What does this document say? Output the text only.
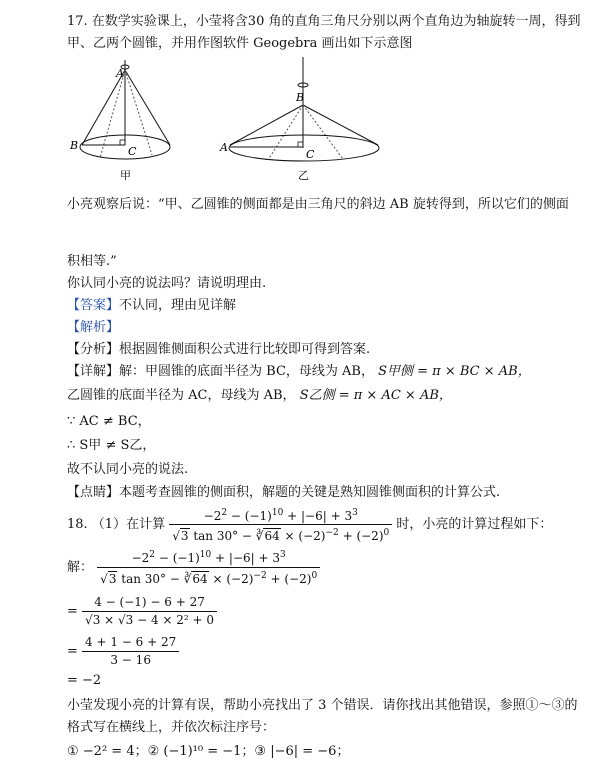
17. 在数学实验课上，小莹将含30 角的直角三角尺分别以两个直角边为轴旋转一周，得到
甲、乙两个圆锥，并用作图软件 Geogebra 画出如下示意图
A
B	C
甲
B
A
C
乙
小亮观察后说：“甲、乙圆锥的侧面都是由三角尺的斜边 AB 旋转得到，所以它们的侧面
积相等.”
你认同小亮的说法吗？请说明理由.
【答案】不认同，理由见详解
【解析】
【分析】根据圆锥侧面积公式进行比较即可得到答案.
【详解】解：甲圆锥的底面半径为 BC，母线为 AB， S甲侧 = π × BC × AB，
乙圆锥的底面半径为 AC，母线为 AB， S乙侧 = π × AC × AB，
∵ AC ≠ BC，
∴ S甲 ≠ S乙，
故不认同小亮的说法.
【点睛】本题考查圆锥的侧面积，解题的关键是熟知圆锥侧面积的计算公式.
18. （1）在计算 $\frac{-2^2 - (-1)^{10} + |-6| + 3^3}{√3 \tan 30^\circ - ∛64 \times (-2)^{-2} + (-2)^0}$ 时，小亮的计算过程如下：
解： $\frac{-2^2 - (-1)^{10} + |-6| + 3^3}{√3 \tan 30^\circ - ∛64 \times (-2)^{-2} + (-2)^0}$
= $\frac{4 - (-1) - 6 + 27}{\text{√3 × √3 − 4 × 2² + 0}}$
= $\frac{4 + 1 - 6 + 27}{3 - 16}$
= −2
小莹发现小亮的计算有误，帮助小亮找出了 3 个错误．请你找出其他错误，参照①～③的
格式写在横线上，并依次标注序号：
① −2² = 4；② (−1)¹⁰ = −1；③ |−6| = −6；
